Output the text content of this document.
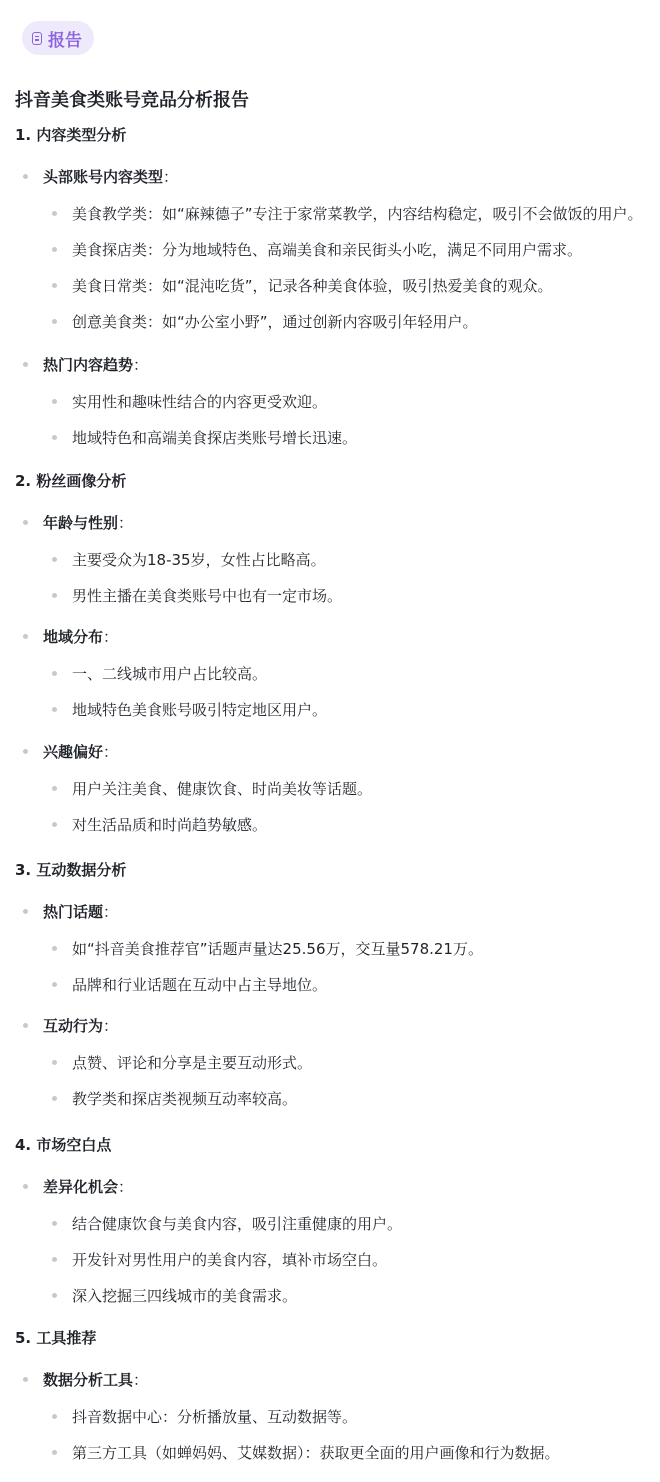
报告
抖音美食类账号竞品分析报告
1. 内容类型分析
头部账号内容类型：
美食教学类：如“麻辣德子”专注于家常菜教学，内容结构稳定，吸引不会做饭的用户。
美食探店类：分为地域特色、高端美食和亲民街头小吃，满足不同用户需求。
美食日常类：如“混沌吃货”，记录各种美食体验，吸引热爱美食的观众。
创意美食类：如“办公室小野”，通过创新内容吸引年轻用户。
热门内容趋势：
实用性和趣味性结合的内容更受欢迎。
地域特色和高端美食探店类账号增长迅速。
2. 粉丝画像分析
年龄与性别：
主要受众为18-35岁，女性占比略高。
男性主播在美食类账号中也有一定市场。
地域分布：
一、二线城市用户占比较高。
地域特色美食账号吸引特定地区用户。
兴趣偏好：
用户关注美食、健康饮食、时尚美妆等话题。
对生活品质和时尚趋势敏感。
3. 互动数据分析
热门话题：
如“抖音美食推荐官”话题声量达25.56万，交互量578.21万。
品牌和行业话题在互动中占主导地位。
互动行为：
点赞、评论和分享是主要互动形式。
教学类和探店类视频互动率较高。
4. 市场空白点
差异化机会：
结合健康饮食与美食内容，吸引注重健康的用户。
开发针对男性用户的美食内容，填补市场空白。
深入挖掘三四线城市的美食需求。
5. 工具推荐
数据分析工具：
抖音数据中心：分析播放量、互动数据等。
第三方工具（如蝉妈妈、艾媒数据）：获取更全面的用户画像和行为数据。
